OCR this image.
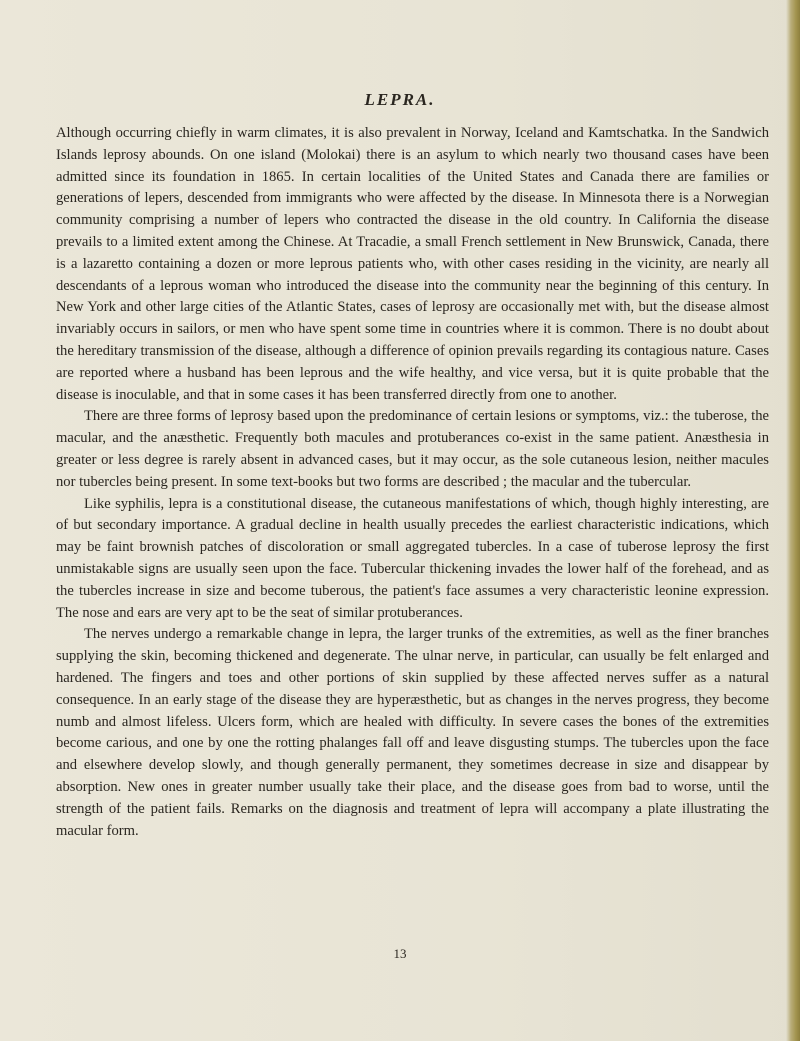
LEPRA.

Although occurring chiefly in warm climates, it is also prevalent in Norway, Iceland and Kamtschatka. In the Sandwich Islands leprosy abounds. On one island (Molokai) there is an asylum to which nearly two thousand cases have been admitted since its foundation in 1865. In certain localities of the United States and Canada there are families or generations of lepers, descended from immigrants who were affected by the disease. In Minnesota there is a Norwegian community comprising a number of lepers who contracted the disease in the old country. In California the disease prevails to a limited extent among the Chinese. At Tracadie, a small French settlement in New Brunswick, Canada, there is a lazaretto containing a dozen or more leprous patients who, with other cases residing in the vicinity, are nearly all descendants of a leprous woman who introduced the disease into the community near the beginning of this century. In New York and other large cities of the Atlantic States, cases of leprosy are occasionally met with, but the disease almost invariably occurs in sailors, or men who have spent some time in countries where it is common. There is no doubt about the hereditary transmission of the disease, although a difference of opinion prevails regarding its contagious nature. Cases are reported where a husband has been leprous and the wife healthy, and vice versa, but it is quite probable that the disease is inoculable, and that in some cases it has been transferred directly from one to another.

There are three forms of leprosy based upon the predominance of certain lesions or symptoms, viz.: the tuberose, the macular, and the anæsthetic. Frequently both macules and protuberances co-exist in the same patient. Anæsthesia in greater or less degree is rarely absent in advanced cases, but it may occur, as the sole cutaneous lesion, neither macules nor tubercles being present. In some text-books but two forms are described ; the macular and the tubercular.

Like syphilis, lepra is a constitutional disease, the cutaneous manifestations of which, though highly interesting, are of but secondary importance. A gradual decline in health usually precedes the earliest characteristic indications, which may be faint brownish patches of discoloration or small aggregated tubercles. In a case of tuberose leprosy the first unmistakable signs are usually seen upon the face. Tubercular thickening invades the lower half of the forehead, and as the tubercles increase in size and become tuberous, the patient's face assumes a very characteristic leonine expression. The nose and ears are very apt to be the seat of similar protuberances.

The nerves undergo a remarkable change in lepra, the larger trunks of the extremities, as well as the finer branches supplying the skin, becoming thickened and degenerate. The ulnar nerve, in particular, can usually be felt enlarged and hardened. The fingers and toes and other portions of skin supplied by these affected nerves suffer as a natural consequence. In an early stage of the disease they are hyperæsthetic, but as changes in the nerves progress, they become numb and almost lifeless. Ulcers form, which are healed with difficulty. In severe cases the bones of the extremities become carious, and one by one the rotting phalanges fall off and leave disgusting stumps. The tubercles upon the face and elsewhere develop slowly, and though generally permanent, they sometimes decrease in size and disappear by absorption. New ones in greater number usually take their place, and the disease goes from bad to worse, until the strength of the patient fails. Remarks on the diagnosis and treatment of lepra will accompany a plate illustrating the macular form.

13
